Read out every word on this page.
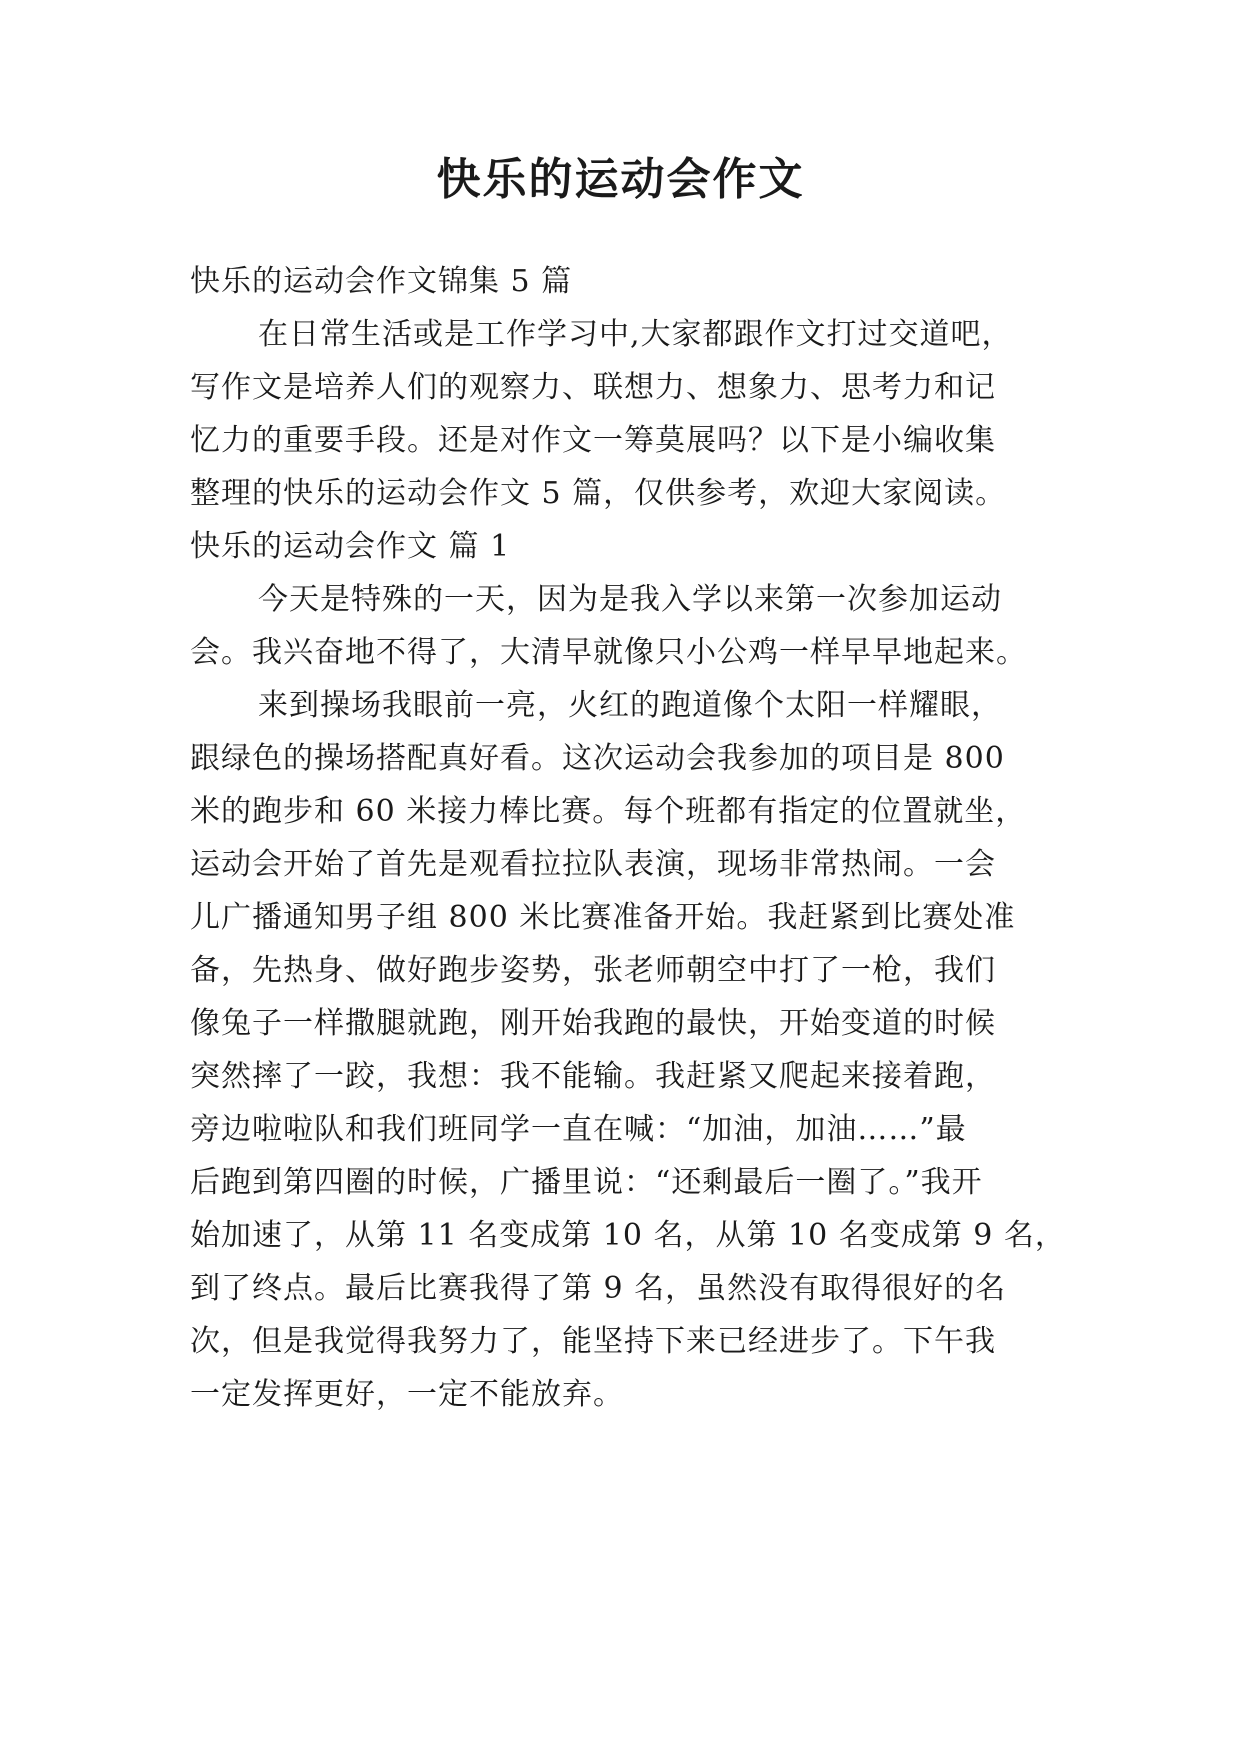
快乐的运动会作文
快乐的运动会作文锦集 5 篇
在日常生活或是工作学习中,大家都跟作文打过交道吧，
写作文是培养人们的观察力、联想力、想象力、思考力和记
忆力的重要手段。还是对作文一筹莫展吗？以下是小编收集
整理的快乐的运动会作文 5 篇，仅供参考，欢迎大家阅读。
快乐的运动会作文 篇 1
今天是特殊的一天，因为是我入学以来第一次参加运动
会。我兴奋地不得了，大清早就像只小公鸡一样早早地起来。
来到操场我眼前一亮，火红的跑道像个太阳一样耀眼，
跟绿色的操场搭配真好看。这次运动会我参加的项目是 800
米的跑步和 60 米接力棒比赛。每个班都有指定的位置就坐，
运动会开始了首先是观看拉拉队表演，现场非常热闹。一会
儿广播通知男子组 800 米比赛准备开始。我赶紧到比赛处准
备，先热身、做好跑步姿势，张老师朝空中打了一枪，我们
像兔子一样撒腿就跑，刚开始我跑的最快，开始变道的时候
突然摔了一跤，我想：我不能输。我赶紧又爬起来接着跑，
旁边啦啦队和我们班同学一直在喊：“加油，加油……”最
后跑到第四圈的时候，广播里说：“还剩最后一圈了。”我开
始加速了，从第 11 名变成第 10 名，从第 10 名变成第 9 名，
到了终点。最后比赛我得了第 9 名，虽然没有取得很好的名
次，但是我觉得我努力了，能坚持下来已经进步了。下午我
一定发挥更好，一定不能放弃。
